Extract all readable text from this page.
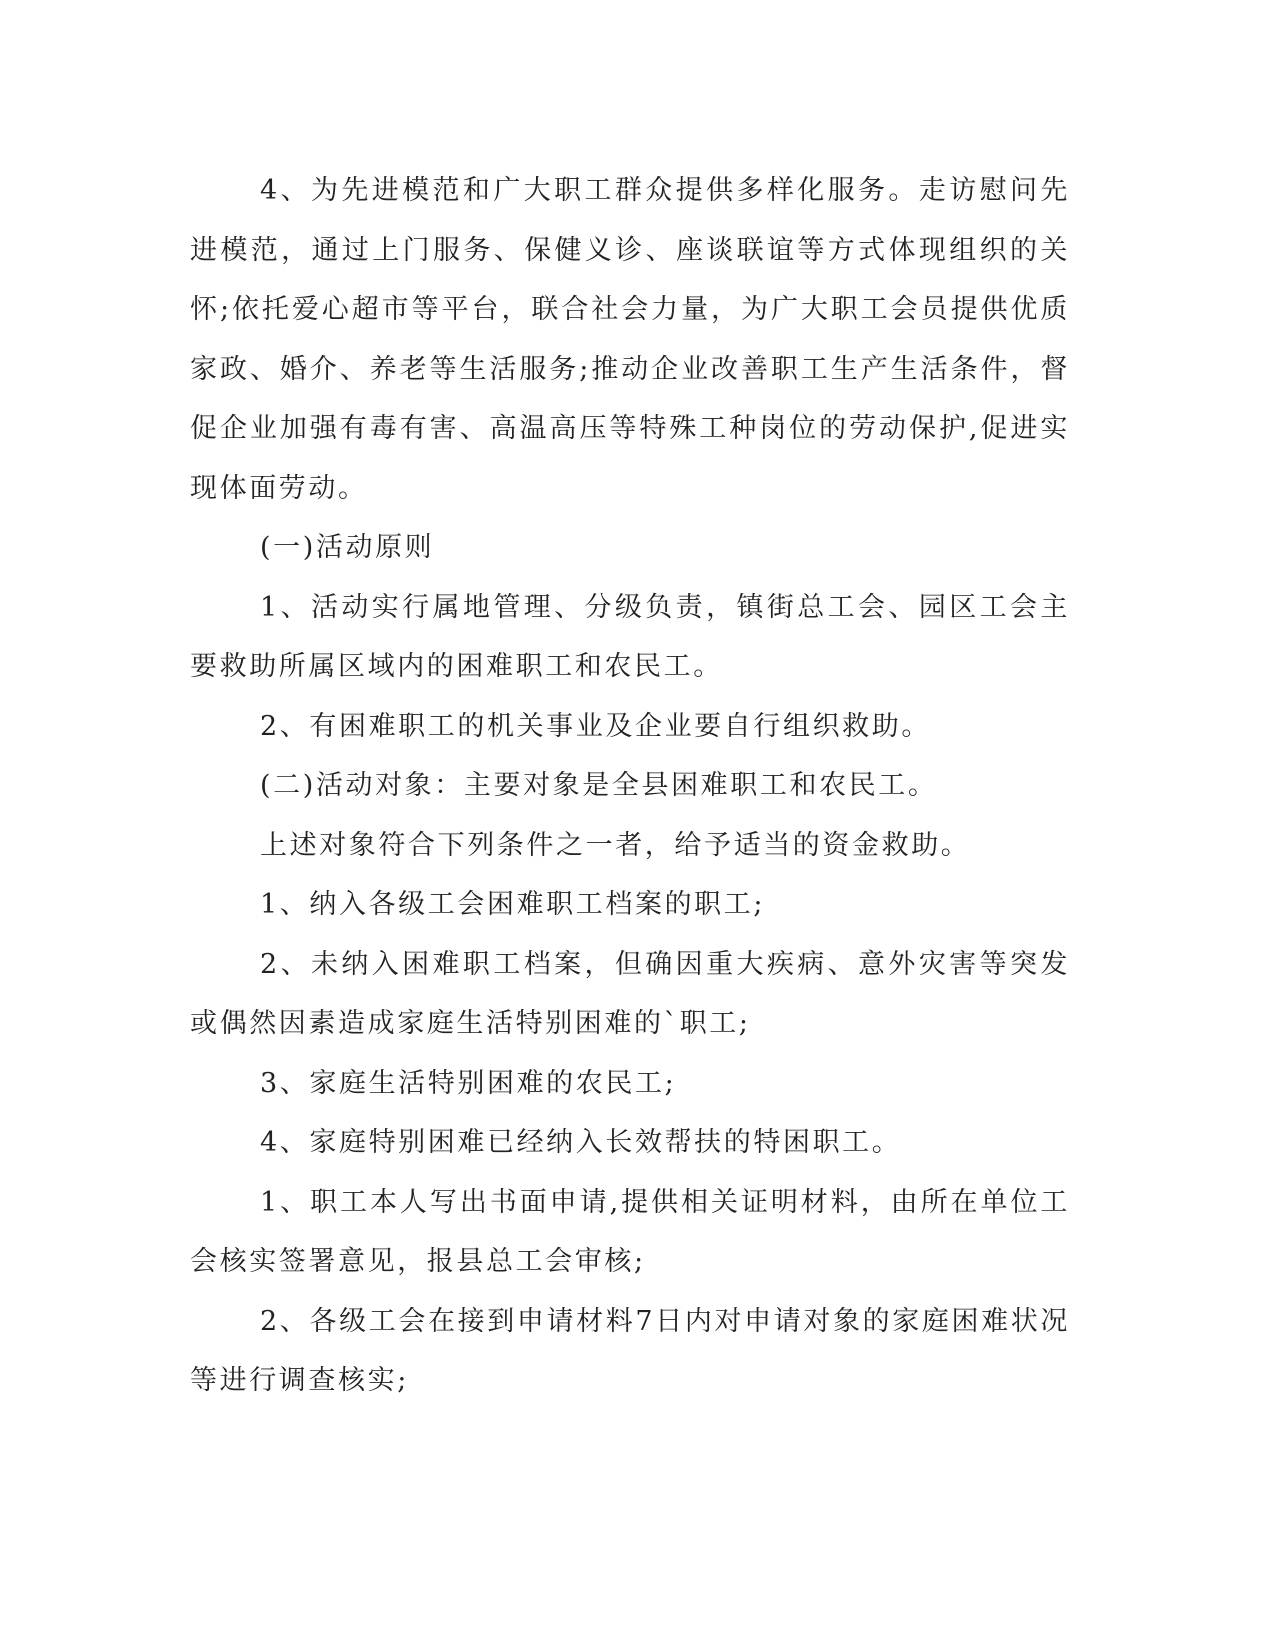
4、为先进模范和广大职工群众提供多样化服务。走访慰问先进模范，通过上门服务、保健义诊、座谈联谊等方式体现组织的关怀;依托爱心超市等平台，联合社会力量，为广大职工会员提供优质家政、婚介、养老等生活服务;推动企业改善职工生产生活条件，督促企业加强有毒有害、高温高压等特殊工种岗位的劳动保护,促进实现体面劳动。

(一)活动原则

1、活动实行属地管理、分级负责，镇街总工会、园区工会主要救助所属区域内的困难职工和农民工。

2、有困难职工的机关事业及企业要自行组织救助。

(二)活动对象：主要对象是全县困难职工和农民工。

上述对象符合下列条件之一者，给予适当的资金救助。

1、纳入各级工会困难职工档案的职工;

2、未纳入困难职工档案，但确因重大疾病、意外灾害等突发或偶然因素造成家庭生活特别困难的`职工;

3、家庭生活特别困难的农民工;

4、家庭特别困难已经纳入长效帮扶的特困职工。

1、职工本人写出书面申请,提供相关证明材料，由所在单位工会核实签署意见，报县总工会审核;

2、各级工会在接到申请材料7日内对申请对象的家庭困难状况等进行调查核实;
